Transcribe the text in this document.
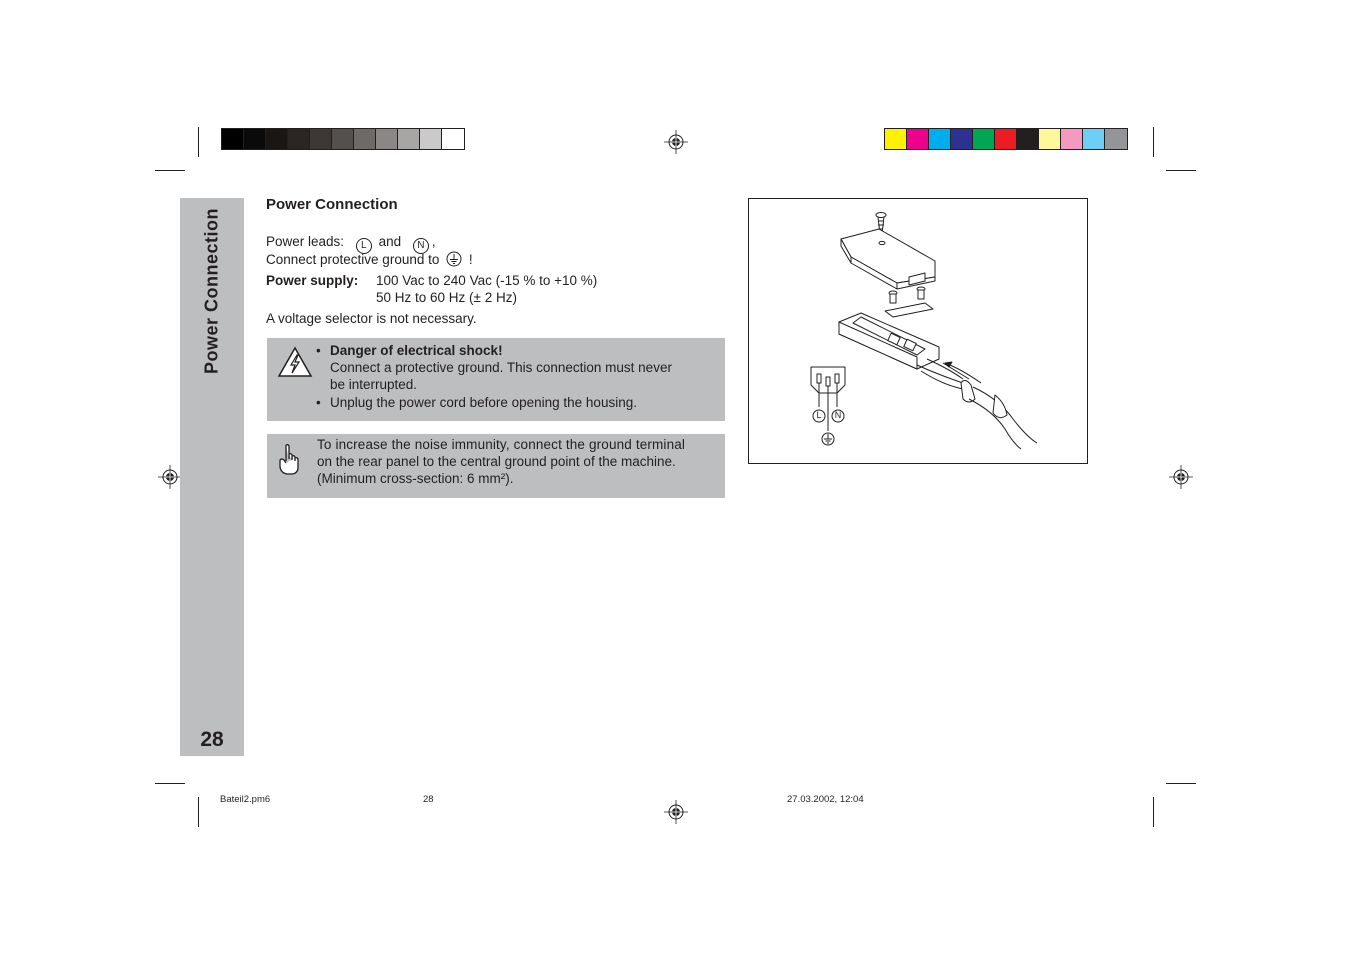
Power Connection
28
Power Connection
Power leads: L and N ,
Connect protective ground to !
Power supply: 100 Vac to 240 Vac (-15 % to +10 %)
50 Hz to 60 Hz (± 2 Hz)
A voltage selector is not necessary.
• Danger of electrical shock!
Connect a protective ground. This connection must never
be interrupted.
• Unplug the power cord before opening the housing.
To increase the noise immunity, connect the ground terminal
on the rear panel to the central ground point of the machine.
(Minimum cross-section: 6 mm²).
L N
Bateil2.pm6	28	27.03.2002, 12:04
